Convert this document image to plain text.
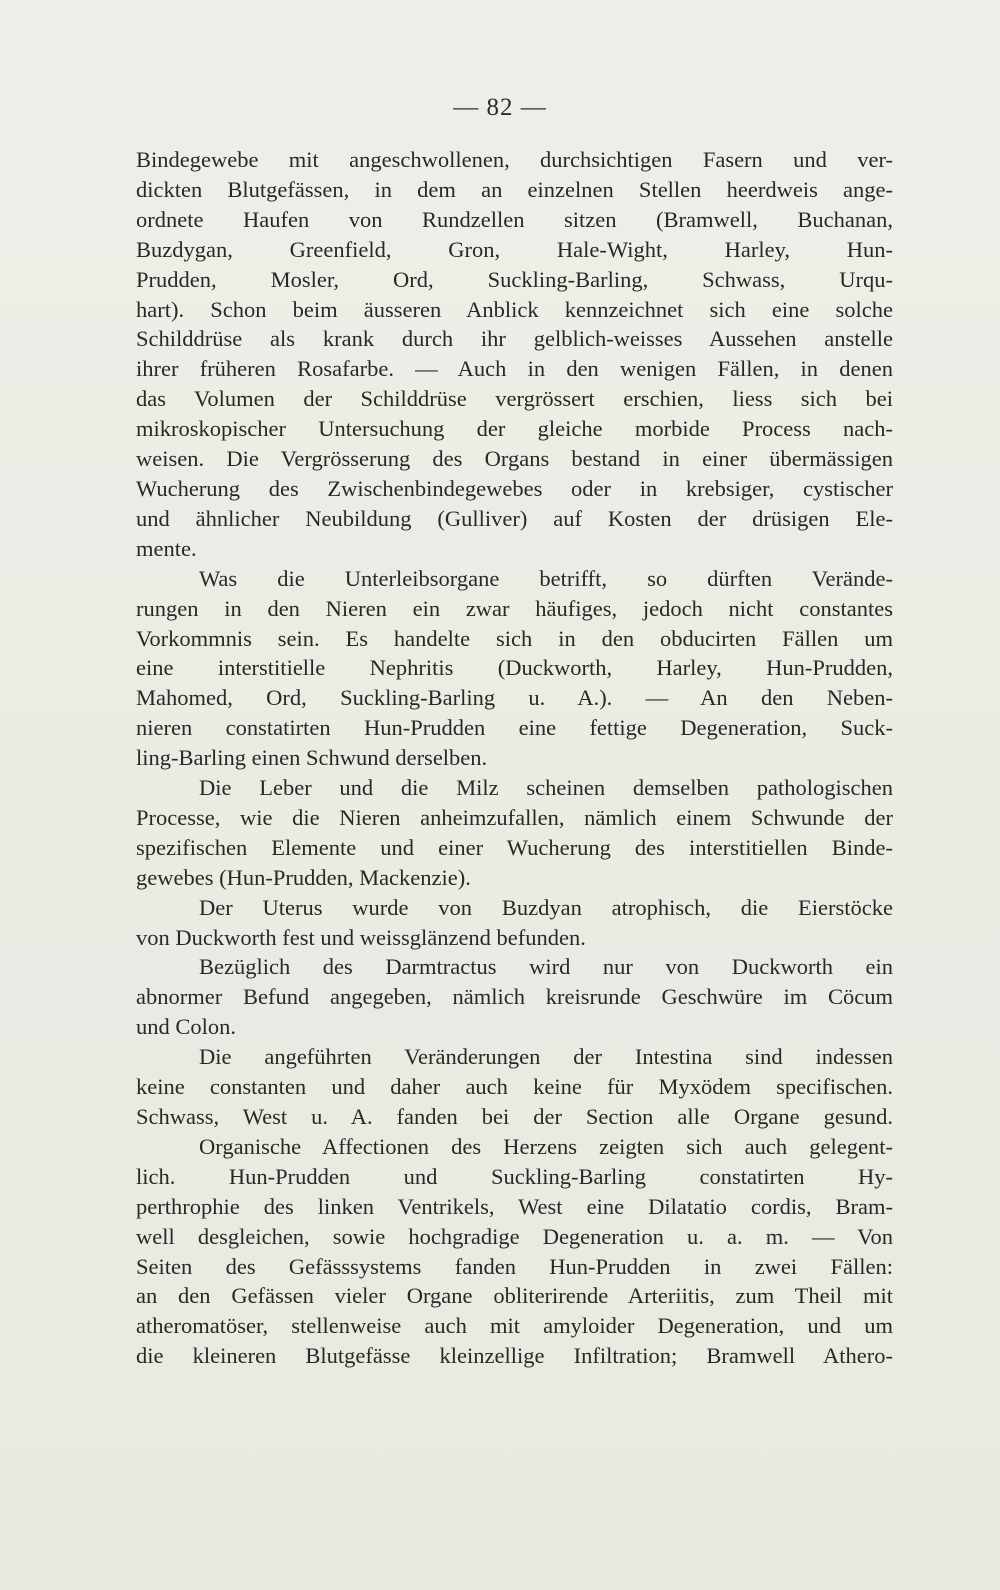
— 82 —
Bindegewebe mit angeschwollenen, durchsichtigen Fasern und ver-
dickten Blutgefässen, in dem an einzelnen Stellen heerdweis ange-
ordnete Haufen von Rundzellen sitzen (Bramwell, Buchanan,
Buzdygan, Greenfield, Gron, Hale-Wight, Harley, Hun-
Prudden, Mosler, Ord, Suckling-Barling, Schwass, Urqu-
hart). Schon beim äusseren Anblick kennzeichnet sich eine solche
Schilddrüse als krank durch ihr gelblich-weisses Aussehen anstelle
ihrer früheren Rosafarbe. — Auch in den wenigen Fällen, in denen
das Volumen der Schilddrüse vergrössert erschien, liess sich bei
mikroskopischer Untersuchung der gleiche morbide Process nach-
weisen. Die Vergrösserung des Organs bestand in einer übermässigen
Wucherung des Zwischenbindegewebes oder in krebsiger, cystischer
und ähnlicher Neubildung (Gulliver) auf Kosten der drüsigen Ele-
mente.
Was die Unterleibsorgane betrifft, so dürften Verände-
rungen in den Nieren ein zwar häufiges, jedoch nicht constantes
Vorkommnis sein. Es handelte sich in den obducirten Fällen um
eine interstitielle Nephritis (Duckworth, Harley, Hun-Prudden,
Mahomed, Ord, Suckling-Barling u. A.). — An den Neben-
nieren constatirten Hun-Prudden eine fettige Degeneration, Suck-
ling-Barling einen Schwund derselben.
Die Leber und die Milz scheinen demselben pathologischen
Processe, wie die Nieren anheimzufallen, nämlich einem Schwunde der
spezifischen Elemente und einer Wucherung des interstitiellen Binde-
gewebes (Hun-Prudden, Mackenzie).
Der Uterus wurde von Buzdyan atrophisch, die Eierstöcke
von Duckworth fest und weissglänzend befunden.
Bezüglich des Darmtractus wird nur von Duckworth ein
abnormer Befund angegeben, nämlich kreisrunde Geschwüre im Cöcum
und Colon.
Die angeführten Veränderungen der Intestina sind indessen
keine constanten und daher auch keine für Myxödem specifischen.
Schwass, West u. A. fanden bei der Section alle Organe gesund.
Organische Affectionen des Herzens zeigten sich auch gelegent-
lich. Hun-Prudden und Suckling-Barling constatirten Hy-
perthrophie des linken Ventrikels, West eine Dilatatio cordis, Bram-
well desgleichen, sowie hochgradige Degeneration u. a. m. — Von
Seiten des Gefässsystems fanden Hun-Prudden in zwei Fällen:
an den Gefässen vieler Organe obliterirende Arteriitis, zum Theil mit
atheromatöser, stellenweise auch mit amyloider Degeneration, und um
die kleineren Blutgefässe kleinzellige Infiltration; Bramwell Athero-
